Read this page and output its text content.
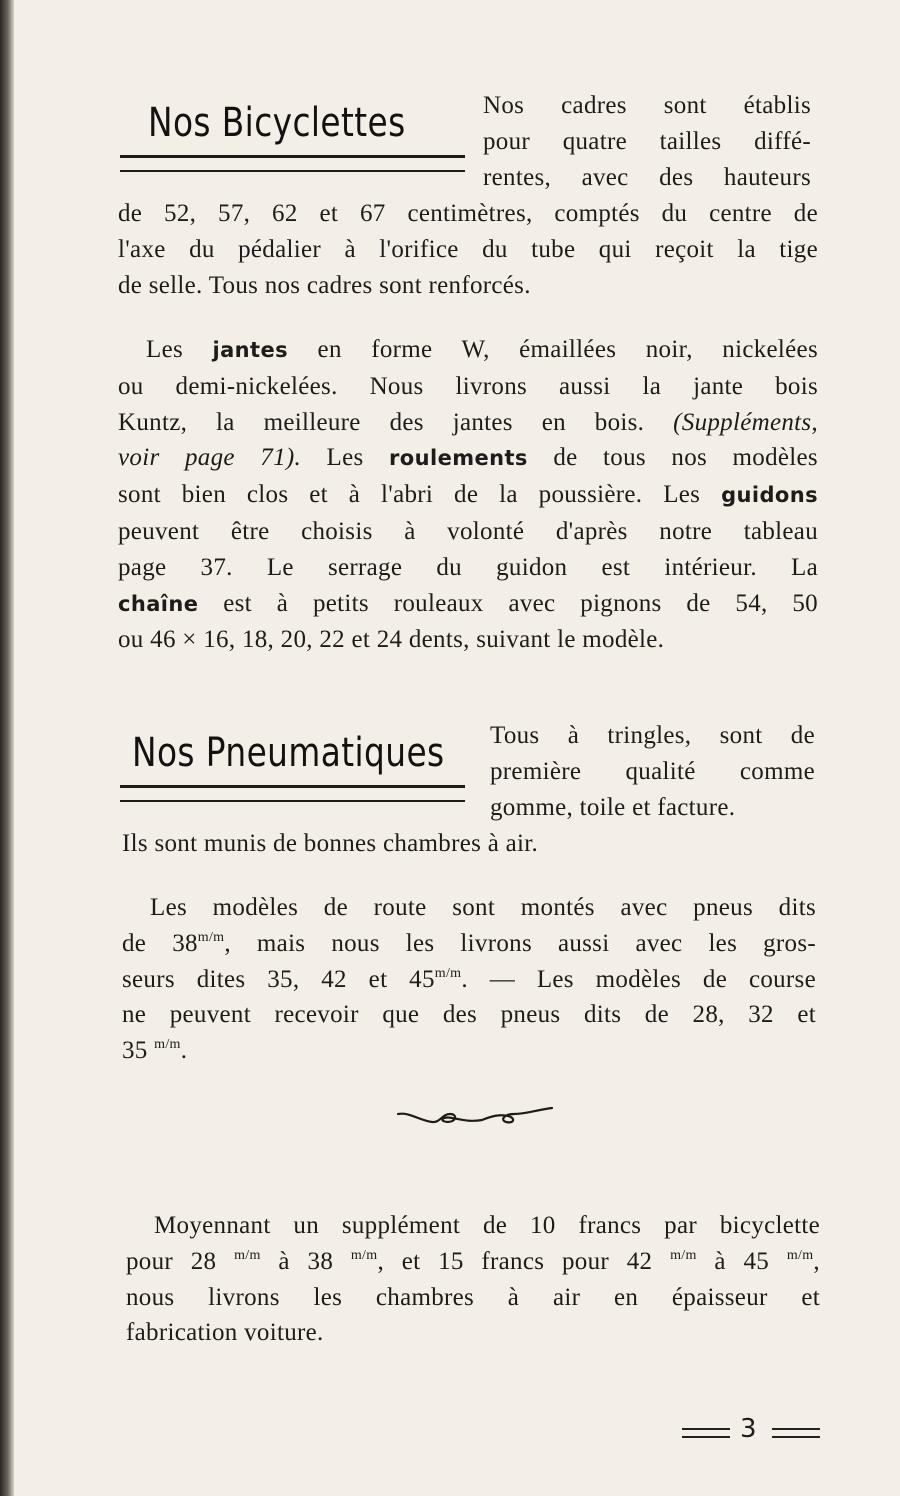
Nos Bicyclettes	Nos cadres sont établis
pour quatre tailles diffé-
rentes, avec des hauteurs
de 52, 57, 62 et 67 centimètres, comptés du centre de
l'axe du pédalier à l'orifice du tube qui reçoit la tige
de selle. Tous nos cadres sont renforcés.
Les jantes en forme W, émaillées noir, nickelées
ou demi-nickelées. Nous livrons aussi la jante bois
Kuntz, la meilleure des jantes en bois. (Suppléments,
voir page 71). Les roulements de tous nos modèles
sont bien clos et à l'abri de la poussière. Les guidons
peuvent être choisis à volonté d'après notre tableau
page 37. Le serrage du guidon est intérieur. La
chaîne est à petits rouleaux avec pignons de 54, 50
ou 46 × 16, 18, 20, 22 et 24 dents, suivant le modèle.
Nos Pneumatiques Tous à tringles, sont de
première qualité comme
gomme, toile et facture.
Ils sont munis de bonnes chambres à air.
Les modèles de route sont montés avec pneus dits
de $38^{m/m}$, mais nous les livrons aussi avec les gros-
seurs dites 35, 42 et $45^{m/m}$. — Les modèles de course
ne peuvent recevoir que des pneus dits de 28, 32 et
35 $^{m/m}$.
Moyennant un supplément de 10 francs par bicyclette
pour 28 $^{m/m}$ à 38 $^{m/m}$, et 15 francs pour 42 $^{m/m}$ à 45 $^{m/m}$,
nous livrons les chambres à air en épaisseur et
fabrication voiture.
3
